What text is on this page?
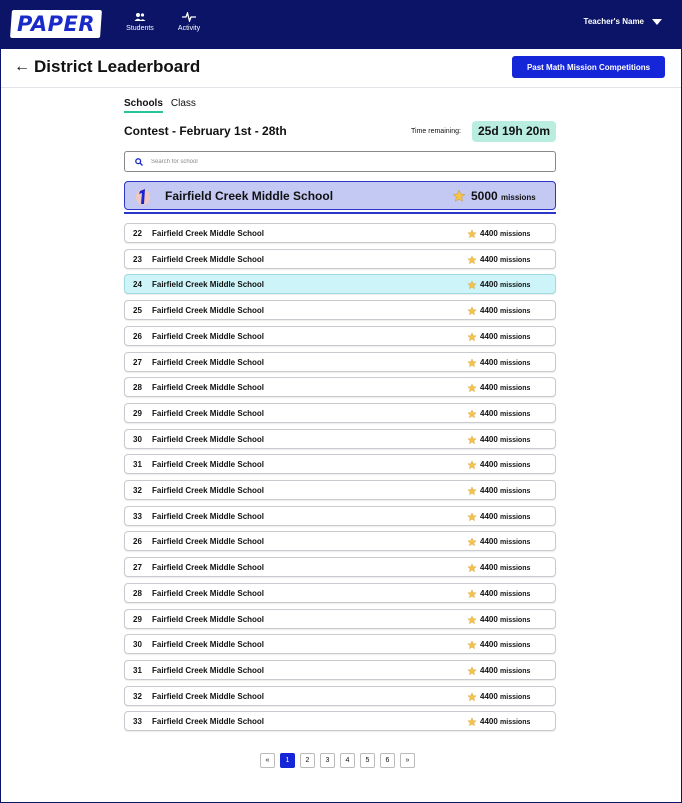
PAPER	Students	Activity
Teacher's Name
← District Leaderboard	Past Math Mission Competitions
Schools Class
Contest - February 1st - 28th	Time remaining:	25d 19h 20m
Search for school
Fairfield Creek Middle School	5000 missions
22 Fairfield Creek Middle School	4400 missions
23 Fairfield Creek Middle School	4400 missions
24 Fairfield Creek Middle School	4400 missions
25 Fairfield Creek Middle School	4400 missions
26 Fairfield Creek Middle School	4400 missions
27 Fairfield Creek Middle School	4400 missions
28 Fairfield Creek Middle School	4400 missions
29 Fairfield Creek Middle School	4400 missions
30 Fairfield Creek Middle School	4400 missions
31 Fairfield Creek Middle School	4400 missions
32 Fairfield Creek Middle School	4400 missions
33 Fairfield Creek Middle School	4400 missions
26 Fairfield Creek Middle School	4400 missions
27 Fairfield Creek Middle School	4400 missions
28 Fairfield Creek Middle School	4400 missions
29 Fairfield Creek Middle School	4400 missions
30 Fairfield Creek Middle School	4400 missions
31 Fairfield Creek Middle School	4400 missions
32 Fairfield Creek Middle School	4400 missions
33 Fairfield Creek Middle School	4400 missions
«	1	2	3	4	5	6	»
